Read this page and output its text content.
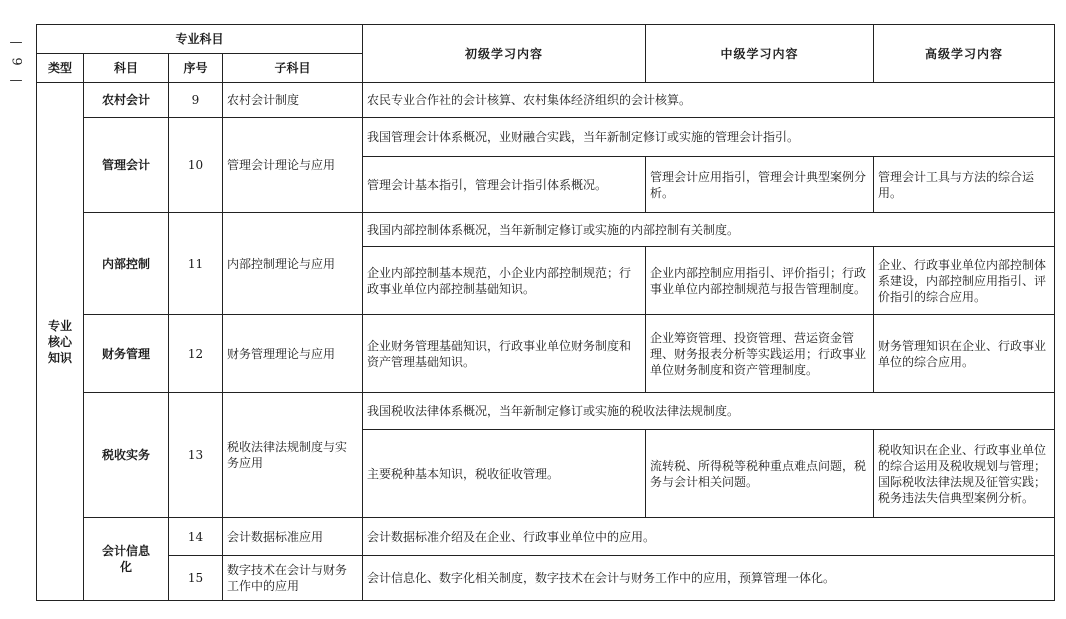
—
9
—
专业科目				初级学习内容	中级学习内容	高级学习内容
类型	科目	序号	子科目			
专业核心知识	农村会计	9	农村会计制度	农民专业合作社的会计核算、农村集体经济组织的会计核算。		
	管理会计	10	管理会计理论与应用	我国管理会计体系概况，业财融合实践，当年新制定修订或实施的管理会计指引。		
				管理会计基本指引，管理会计指引体系概况。	管理会计应用指引，管理会计典型案例分析。	管理会计工具与方法的综合运用。
	内部控制	11	内部控制理论与应用	我国内部控制体系概况，当年新制定修订或实施的内部控制有关制度。		
				企业内部控制基本规范，小企业内部控制规范；行政事业单位内部控制基础知识。	企业内部控制应用指引、评价指引；行政事业单位内部控制规范与报告管理制度。	企业、行政事业单位内部控制体系建设，内部控制应用指引、评价指引的综合应用。
	财务管理	12	财务管理理论与应用	企业财务管理基础知识，行政事业单位财务制度和资产管理基础知识。	企业筹资管理、投资管理、营运资金管理、财务报表分析等实践运用；行政事业单位财务制度和资产管理制度。	财务管理知识在企业、行政事业单位的综合应用。
	税收实务	13	税收法律法规制度与实务应用	我国税收法律体系概况，当年新制定修订或实施的税收法律法规制度。		
				主要税种基本知识，税收征收管理。	流转税、所得税等税种重点难点问题，税务与会计相关问题。	税收知识在企业、行政事业单位的综合运用及税收规划与管理；国际税收法律法规及征管实践；税务违法失信典型案例分析。
	会计信息化	14	会计数据标准应用	会计数据标准介绍及在企业、行政事业单位中的应用。		
		15	数字技术在会计与财务工作中的应用	会计信息化、数字化相关制度，数字技术在会计与财务工作中的应用，预算管理一体化。		
